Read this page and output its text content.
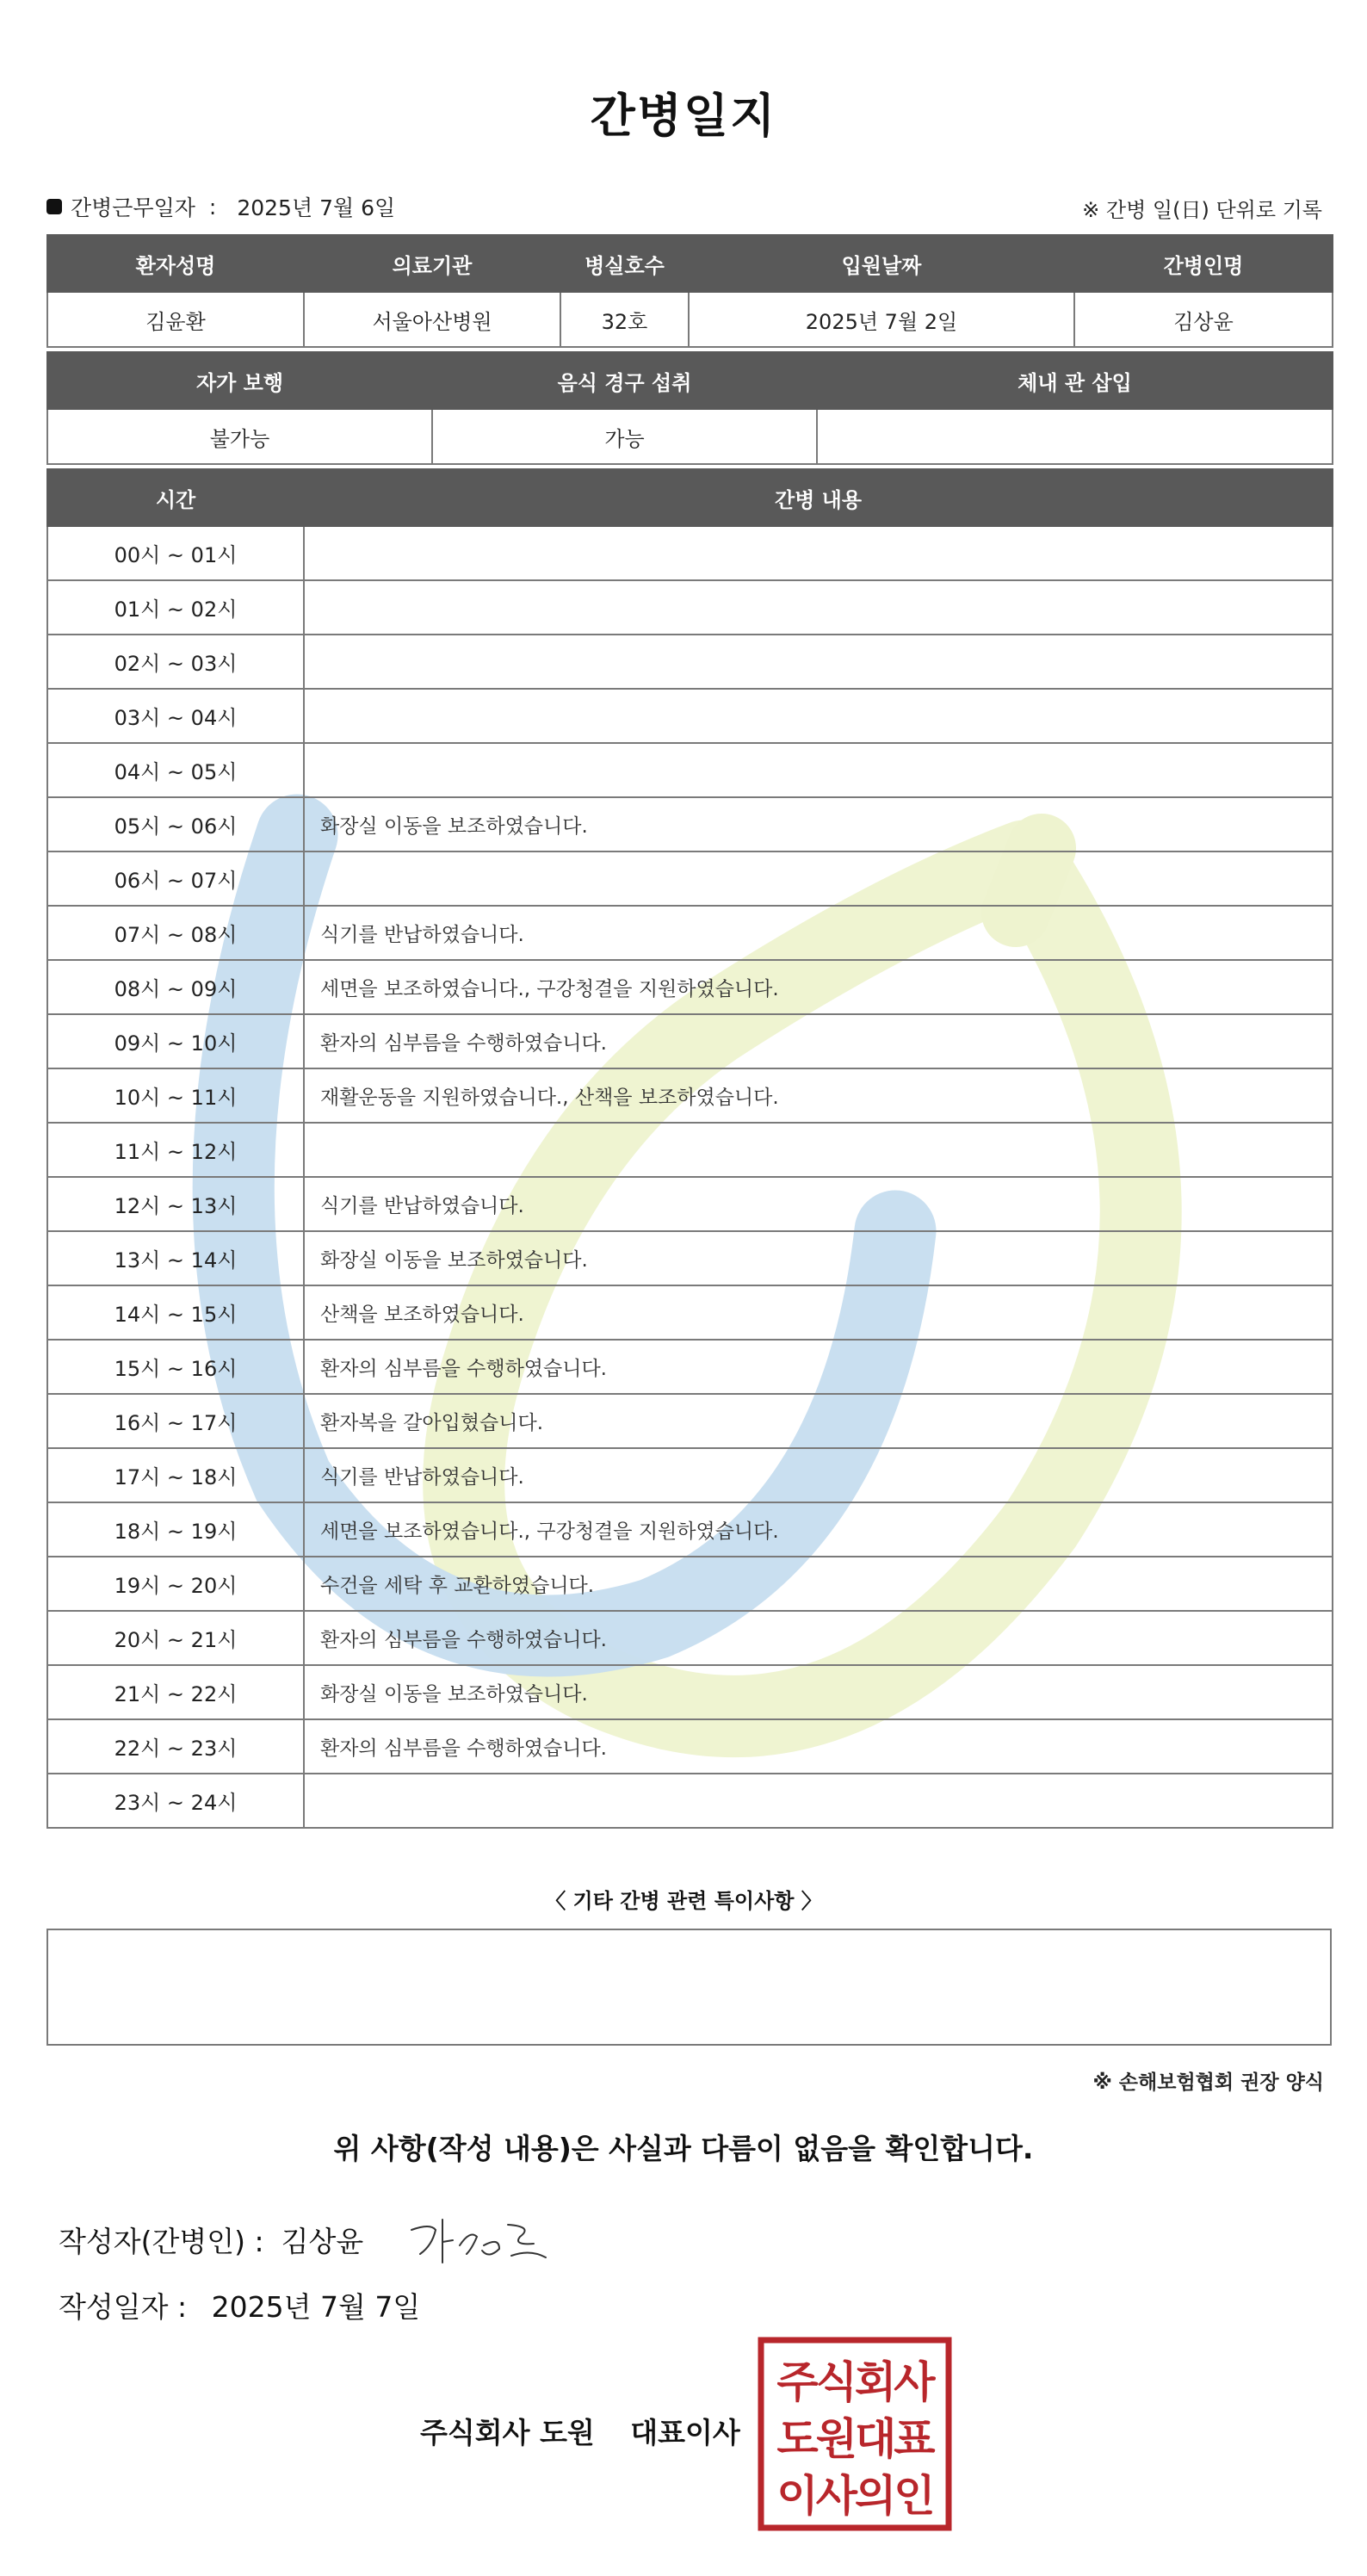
간병일지
간병근무일자 : 2025년 7월 6일	※ 간병 일(日) 단위로 기록
환자성명	의료기관	병실호수	입원날짜	간병인명
김윤환	서울아산병원	32호	2025년 7월 2일	김상윤
자가 보행	음식 경구 섭취	체내 관 삽입
불가능	가능	
시간	간병 내용
00시 ~ 01시	
01시 ~ 02시	
02시 ~ 03시	
03시 ~ 04시	
04시 ~ 05시	
05시 ~ 06시	화장실 이동을 보조하였습니다.
06시 ~ 07시	
07시 ~ 08시	식기를 반납하였습니다.
08시 ~ 09시	세면을 보조하였습니다., 구강청결을 지원하였습니다.
09시 ~ 10시	환자의 심부름을 수행하였습니다.
10시 ~ 11시	재활운동을 지원하였습니다., 산책을 보조하였습니다.
11시 ~ 12시	
12시 ~ 13시	식기를 반납하였습니다.
13시 ~ 14시	화장실 이동을 보조하였습니다.
14시 ~ 15시	산책을 보조하였습니다.
15시 ~ 16시	환자의 심부름을 수행하였습니다.
16시 ~ 17시	환자복을 갈아입혔습니다.
17시 ~ 18시	식기를 반납하였습니다.
18시 ~ 19시	세면을 보조하였습니다., 구강청결을 지원하였습니다.
19시 ~ 20시	수건을 세탁 후 교환하였습니다.
20시 ~ 21시	환자의 심부름을 수행하였습니다.
21시 ~ 22시	화장실 이동을 보조하였습니다.
22시 ~ 23시	환자의 심부름을 수행하였습니다.
23시 ~ 24시	
〈 기타 간병 관련 특이사항 〉
※ 손해보험협회 권장 양식
위 사항(작성 내용)은 사실과 다름이 없음을 확인합니다.
작성자(간병인) : 김상윤
작성일자 : 2025년 7월 7일
주식회사 도원 대표이사
주식회사
도원대표
이사의인
